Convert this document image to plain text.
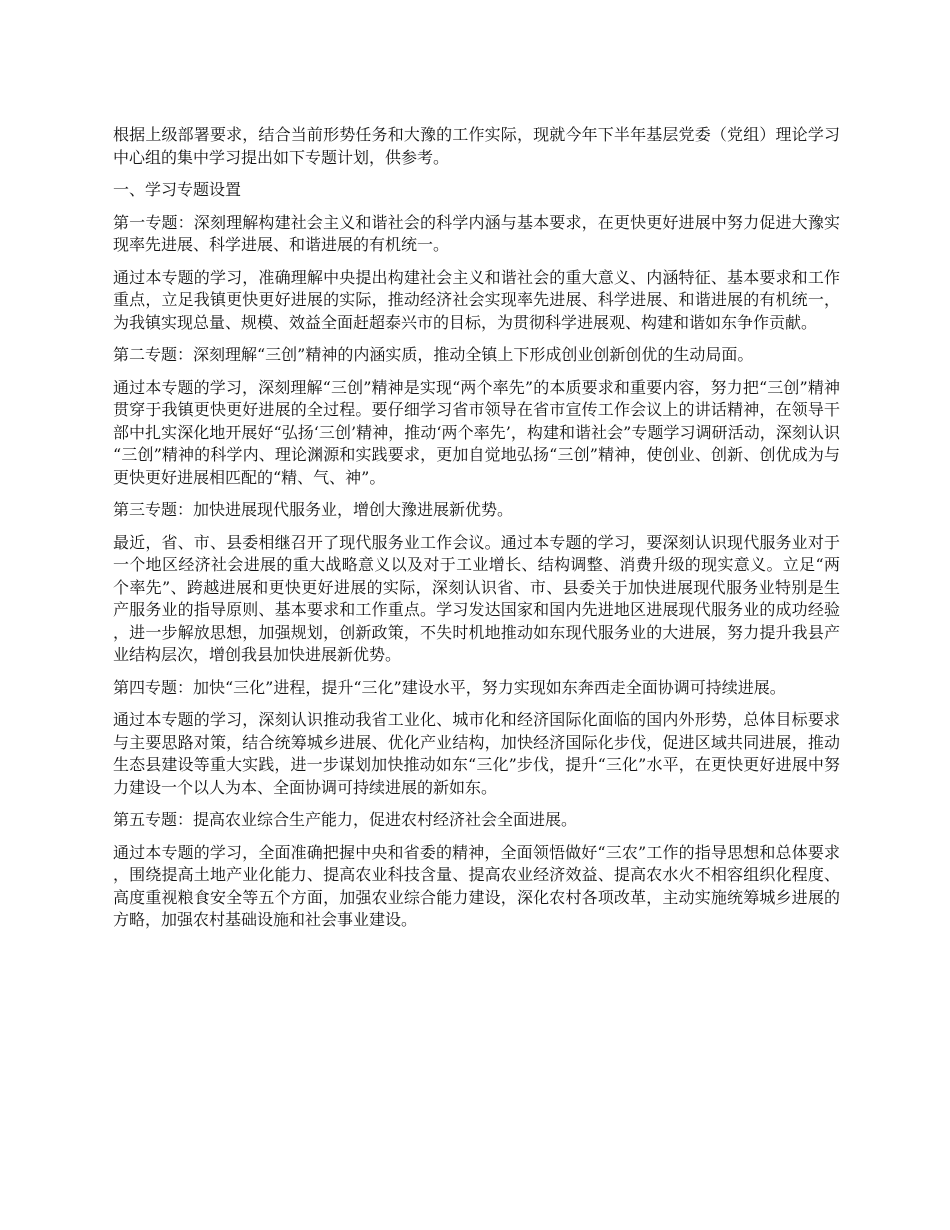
根据上级部署要求，结合当前形势任务和大豫的工作实际，现就今年下半年基层党委（党组）理论学习中心组的集中学习提出如下专题计划，供参考。

一、学习专题设置

第一专题：深刻理解构建社会主义和谐社会的科学内涵与基本要求，在更快更好进展中努力促进大豫实现率先进展、科学进展、和谐进展的有机统一。

通过本专题的学习，准确理解中央提出构建社会主义和谐社会的重大意义、内涵特征、基本要求和工作重点，立足我镇更快更好进展的实际，推动经济社会实现率先进展、科学进展、和谐进展的有机统一，为我镇实现总量、规模、效益全面赶超泰兴市的目标，为贯彻科学进展观、构建和谐如东争作贡献。

第二专题：深刻理解“三创”精神的内涵实质，推动全镇上下形成创业创新创优的生动局面。

通过本专题的学习，深刻理解“三创”精神是实现“两个率先”的本质要求和重要内容，努力把“三创”精神贯穿于我镇更快更好进展的全过程。要仔细学习省市领导在省市宣传工作会议上的讲话精神，在领导干部中扎实深化地开展好“弘扬‘三创’精神，推动‘两个率先’，构建和谐社会”专题学习调研活动，深刻认识“三创”精神的科学内、理论渊源和实践要求，更加自觉地弘扬“三创”精神，使创业、创新、创优成为与更快更好进展相匹配的“精、气、神”。

第三专题：加快进展现代服务业，增创大豫进展新优势。

最近，省、市、县委相继召开了现代服务业工作会议。通过本专题的学习，要深刻认识现代服务业对于一个地区经济社会进展的重大战略意义以及对于工业增长、结构调整、消费升级的现实意义。立足“两个率先”、跨越进展和更快更好进展的实际，深刻认识省、市、县委关于加快进展现代服务业特别是生产服务业的指导原则、基本要求和工作重点。学习发达国家和国内先进地区进展现代服务业的成功经验，进一步解放思想，加强规划，创新政策，不失时机地推动如东现代服务业的大进展，努力提升我县产业结构层次，增创我县加快进展新优势。

第四专题：加快“三化”进程，提升“三化”建设水平，努力实现如东奔西走全面协调可持续进展。

通过本专题的学习，深刻认识推动我省工业化、城市化和经济国际化面临的国内外形势，总体目标要求与主要思路对策，结合统筹城乡进展、优化产业结构，加快经济国际化步伐，促进区域共同进展，推动生态县建设等重大实践，进一步谋划加快推动如东“三化”步伐，提升“三化”水平，在更快更好进展中努力建设一个以人为本、全面协调可持续进展的新如东。

第五专题：提高农业综合生产能力，促进农村经济社会全面进展。

通过本专题的学习，全面准确把握中央和省委的精神，全面领悟做好“三农”工作的指导思想和总体要求，围绕提高土地产业化能力、提高农业科技含量、提高农业经济效益、提高农水火不相容组织化程度、高度重视粮食安全等五个方面，加强农业综合能力建设，深化农村各项改革，主动实施统筹城乡进展的方略，加强农村基础设施和社会事业建设。
